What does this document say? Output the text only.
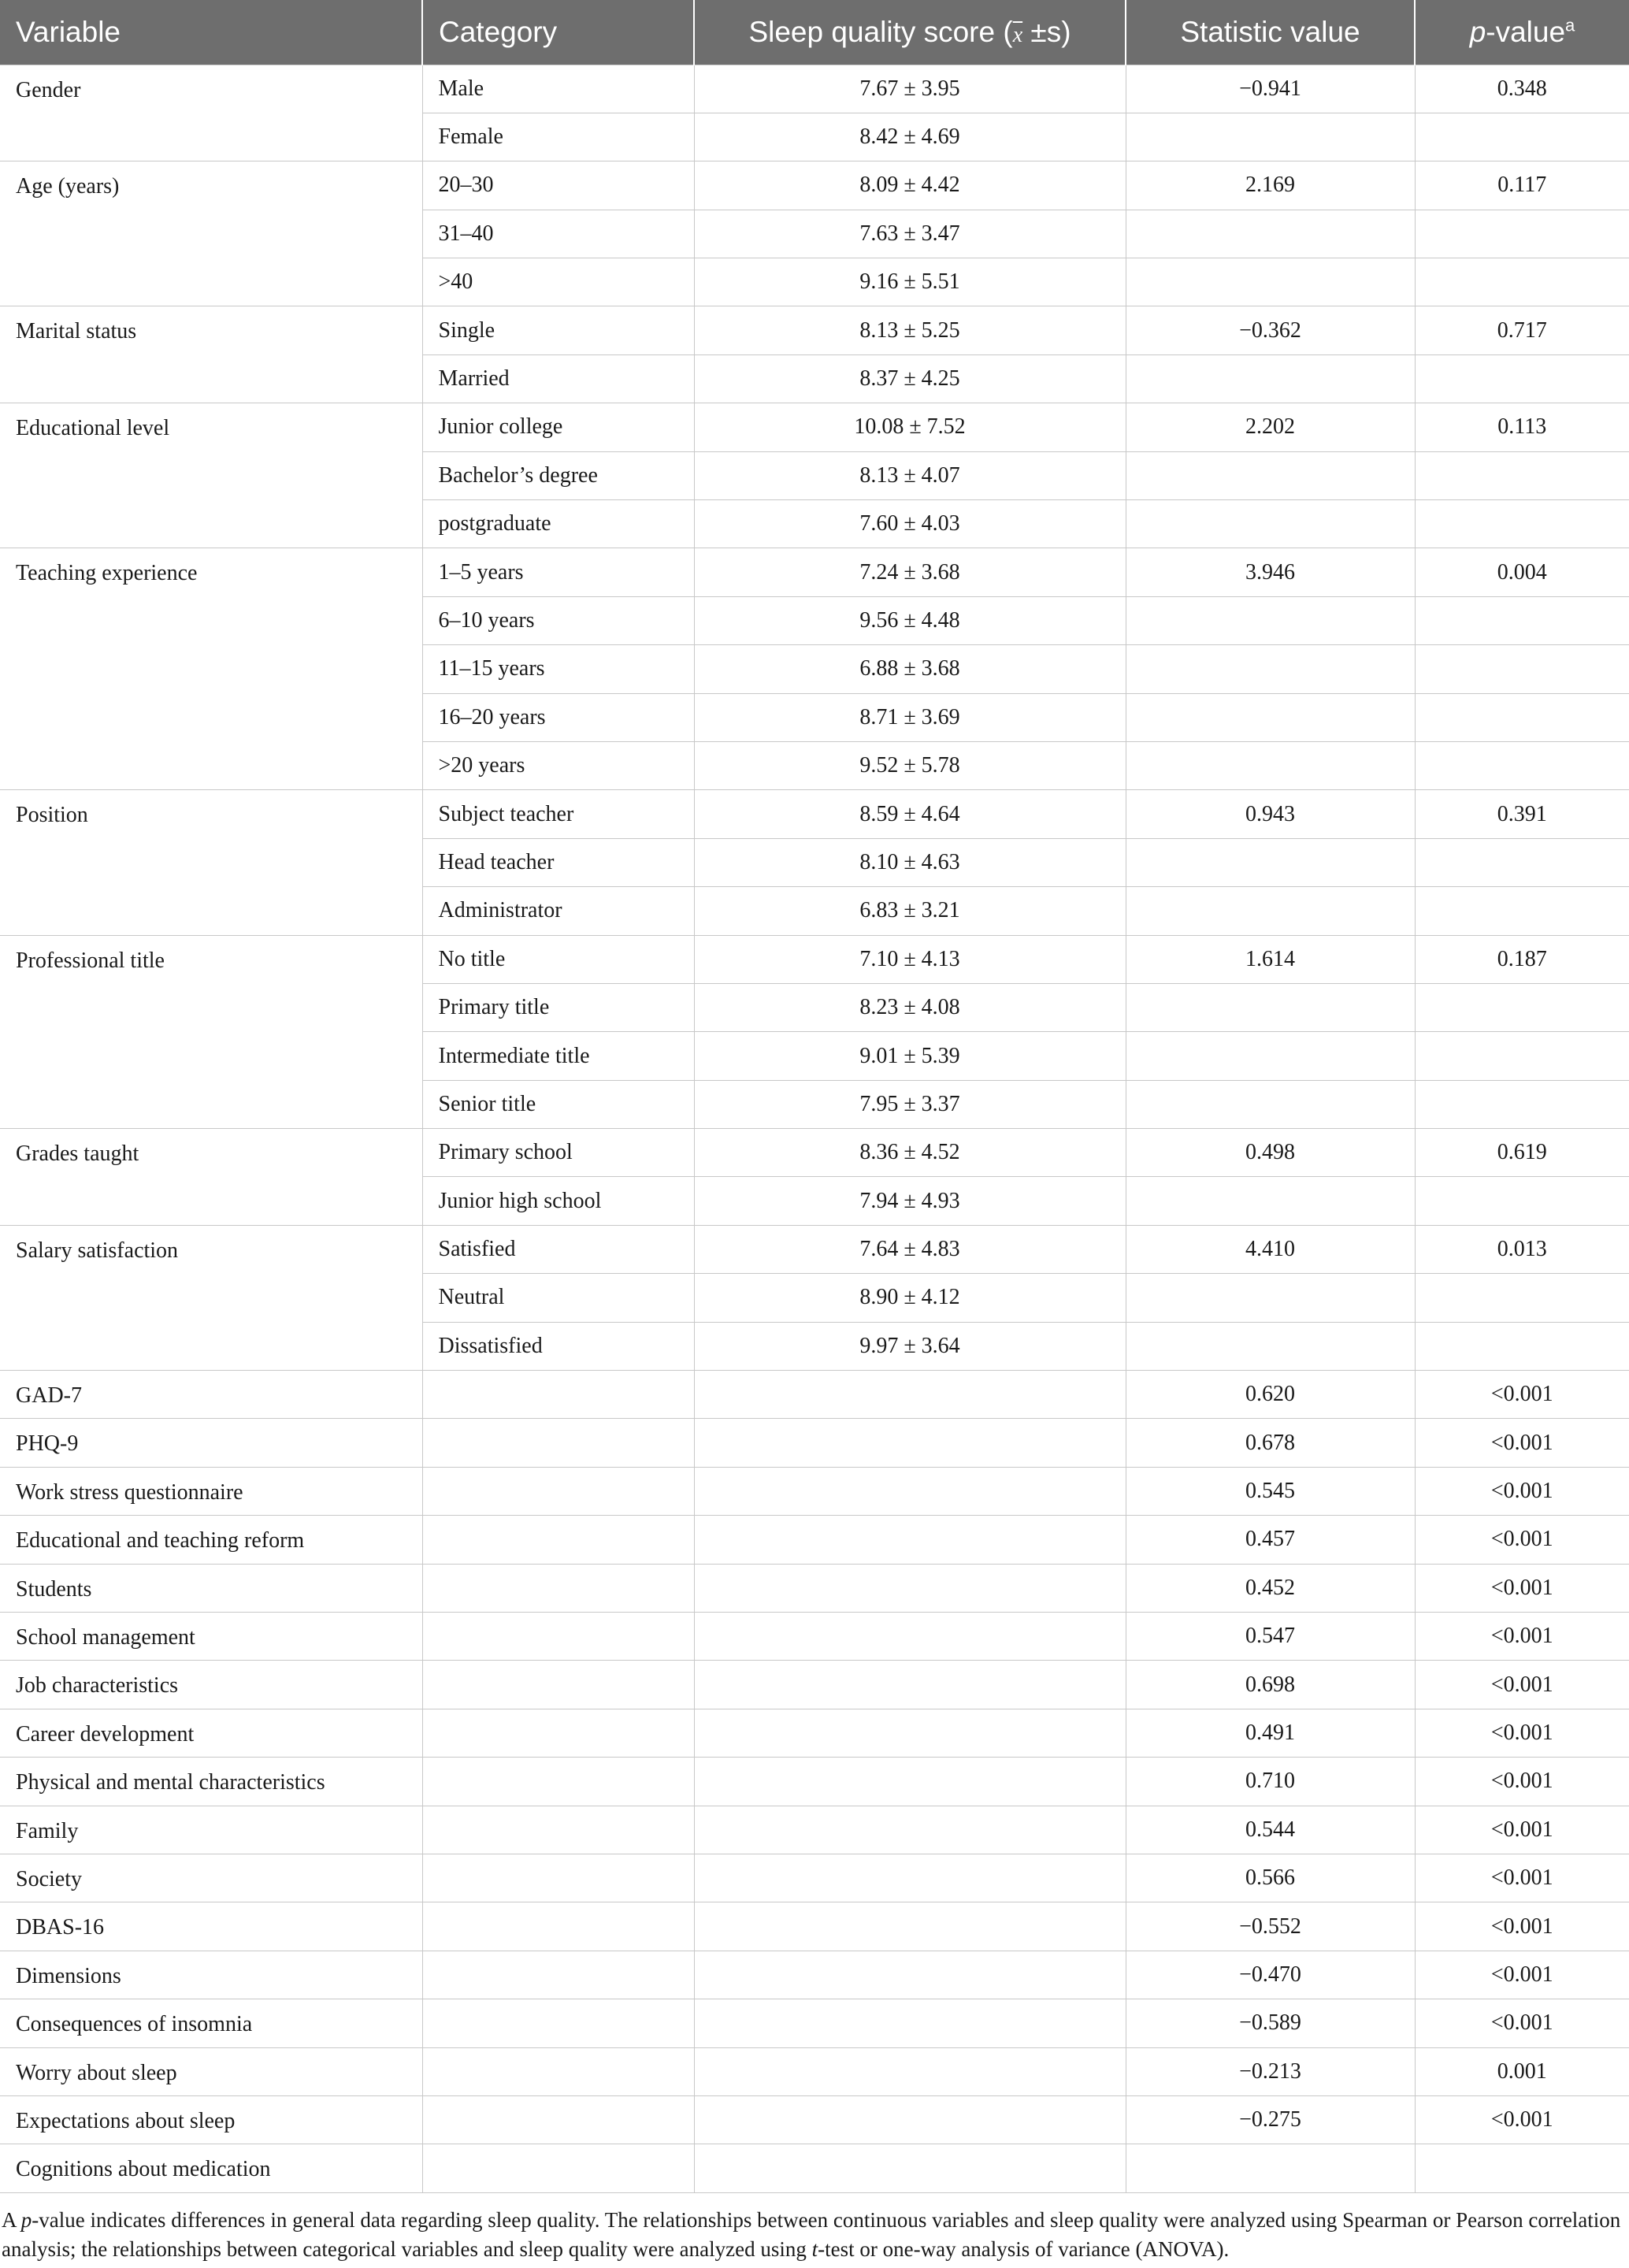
Variable	Category	Sleep quality score $(\overline{x} \pm s)$	Statistic value	p-value$^a$
Gender	Male	7.67 ± 3.95	−0.941	0.348
	Female	8.42 ± 4.69		
Age (years)	20–30	8.09 ± 4.42	2.169	0.117
	31–40	7.63 ± 3.47		
	>40	9.16 ± 5.51		
Marital status	Single	8.13 ± 5.25	−0.362	0.717
	Married	8.37 ± 4.25		
Educational level	Junior college	10.08 ± 7.52	2.202	0.113
	Bachelor’s degree	8.13 ± 4.07		
	postgraduate	7.60 ± 4.03		
Teaching experience	1–5 years	7.24 ± 3.68	3.946	0.004
	6–10 years	9.56 ± 4.48		
	11–15 years	6.88 ± 3.68		
	16–20 years	8.71 ± 3.69		
	>20 years	9.52 ± 5.78		
Position	Subject teacher	8.59 ± 4.64	0.943	0.391
	Head teacher	8.10 ± 4.63		
	Administrator	6.83 ± 3.21		
Professional title	No title	7.10 ± 4.13	1.614	0.187
	Primary title	8.23 ± 4.08		
	Intermediate title	9.01 ± 5.39		
	Senior title	7.95 ± 3.37		
Grades taught	Primary school	8.36 ± 4.52	0.498	0.619
	Junior high school	7.94 ± 4.93		
Salary satisfaction	Satisfied	7.64 ± 4.83	4.410	0.013
	Neutral	8.90 ± 4.12		
	Dissatisfied	9.97 ± 3.64		
GAD-7			0.620	<0.001
PHQ-9			0.678	<0.001
Work stress questionnaire			0.545	<0.001
Educational and teaching reform			0.457	<0.001
Students			0.452	<0.001
School management			0.547	<0.001
Job characteristics			0.698	<0.001
Career development			0.491	<0.001
Physical and mental characteristics			0.710	<0.001
Family			0.544	<0.001
Society			0.566	<0.001
DBAS-16			−0.552	<0.001
Dimensions			−0.470	<0.001
Consequences of insomnia			−0.589	<0.001
Worry about sleep			−0.213	0.001
Expectations about sleep			−0.275	<0.001
Cognitions about medication				
A p-value indicates differences in general data regarding sleep quality. The relationships between continuous variables and sleep quality were analyzed using Spearman or Pearson correlation analysis; the relationships between categorical variables and sleep quality were analyzed using t-test or one-way analysis of variance (ANOVA).
